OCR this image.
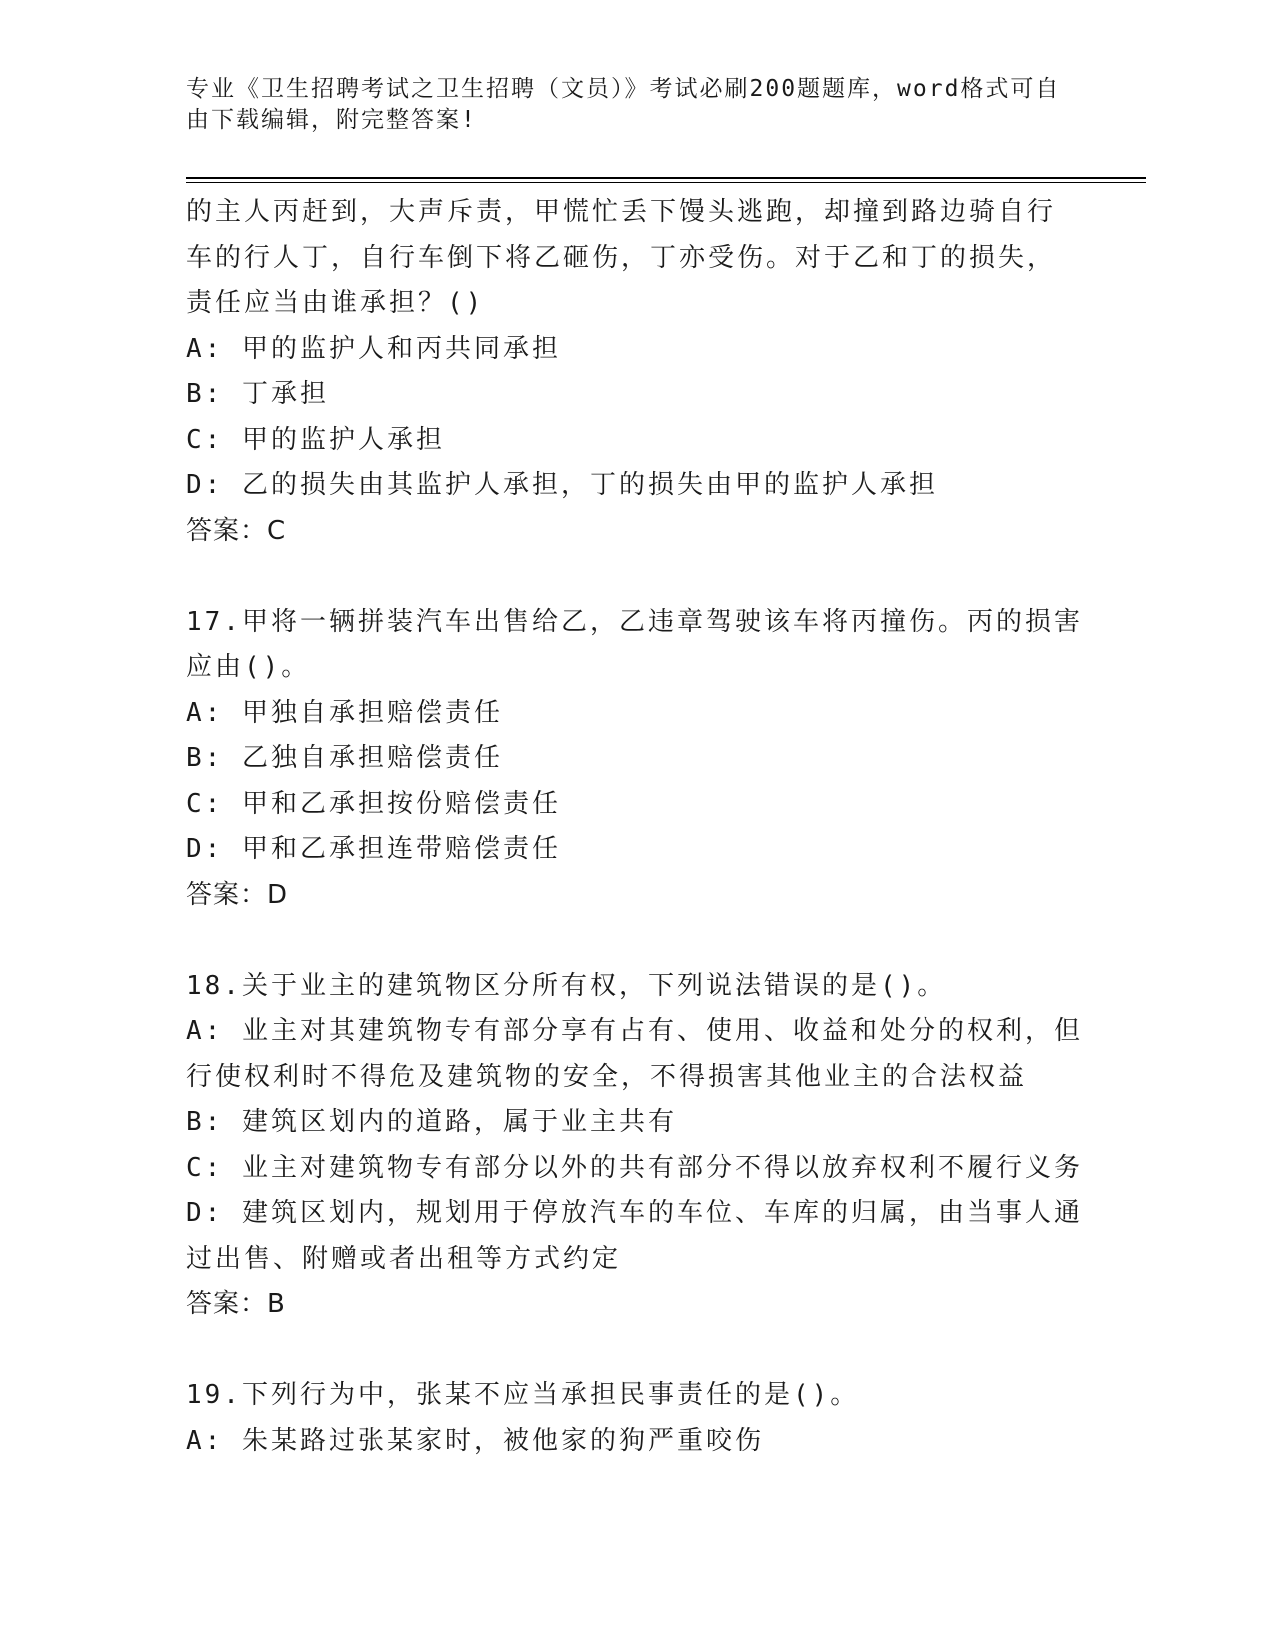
专业《卫生招聘考试之卫生招聘（文员）》考试必刷200题题库，word格式可自由下载编辑，附完整答案!
的主人丙赶到，大声斥责，甲慌忙丢下馒头逃跑，却撞到路边骑自行
车的行人丁，自行车倒下将乙砸伤，丁亦受伤。对于乙和丁的损失，
责任应当由谁承担？()
A: 甲的监护人和丙共同承担
B: 丁承担
C: 甲的监护人承担
D: 乙的损失由其监护人承担，丁的损失由甲的监护人承担
答案：C
17.甲将一辆拼装汽车出售给乙，乙违章驾驶该车将丙撞伤。丙的损害
应由()。
A: 甲独自承担赔偿责任
B: 乙独自承担赔偿责任
C: 甲和乙承担按份赔偿责任
D: 甲和乙承担连带赔偿责任
答案：D
18.关于业主的建筑物区分所有权，下列说法错误的是()。
A: 业主对其建筑物专有部分享有占有、使用、收益和处分的权利，但
行使权利时不得危及建筑物的安全，不得损害其他业主的合法权益
B: 建筑区划内的道路，属于业主共有
C: 业主对建筑物专有部分以外的共有部分不得以放弃权利不履行义务
D: 建筑区划内，规划用于停放汽车的车位、车库的归属，由当事人通
过出售、附赠或者出租等方式约定
答案：B
19.下列行为中，张某不应当承担民事责任的是()。
A: 朱某路过张某家时，被他家的狗严重咬伤
